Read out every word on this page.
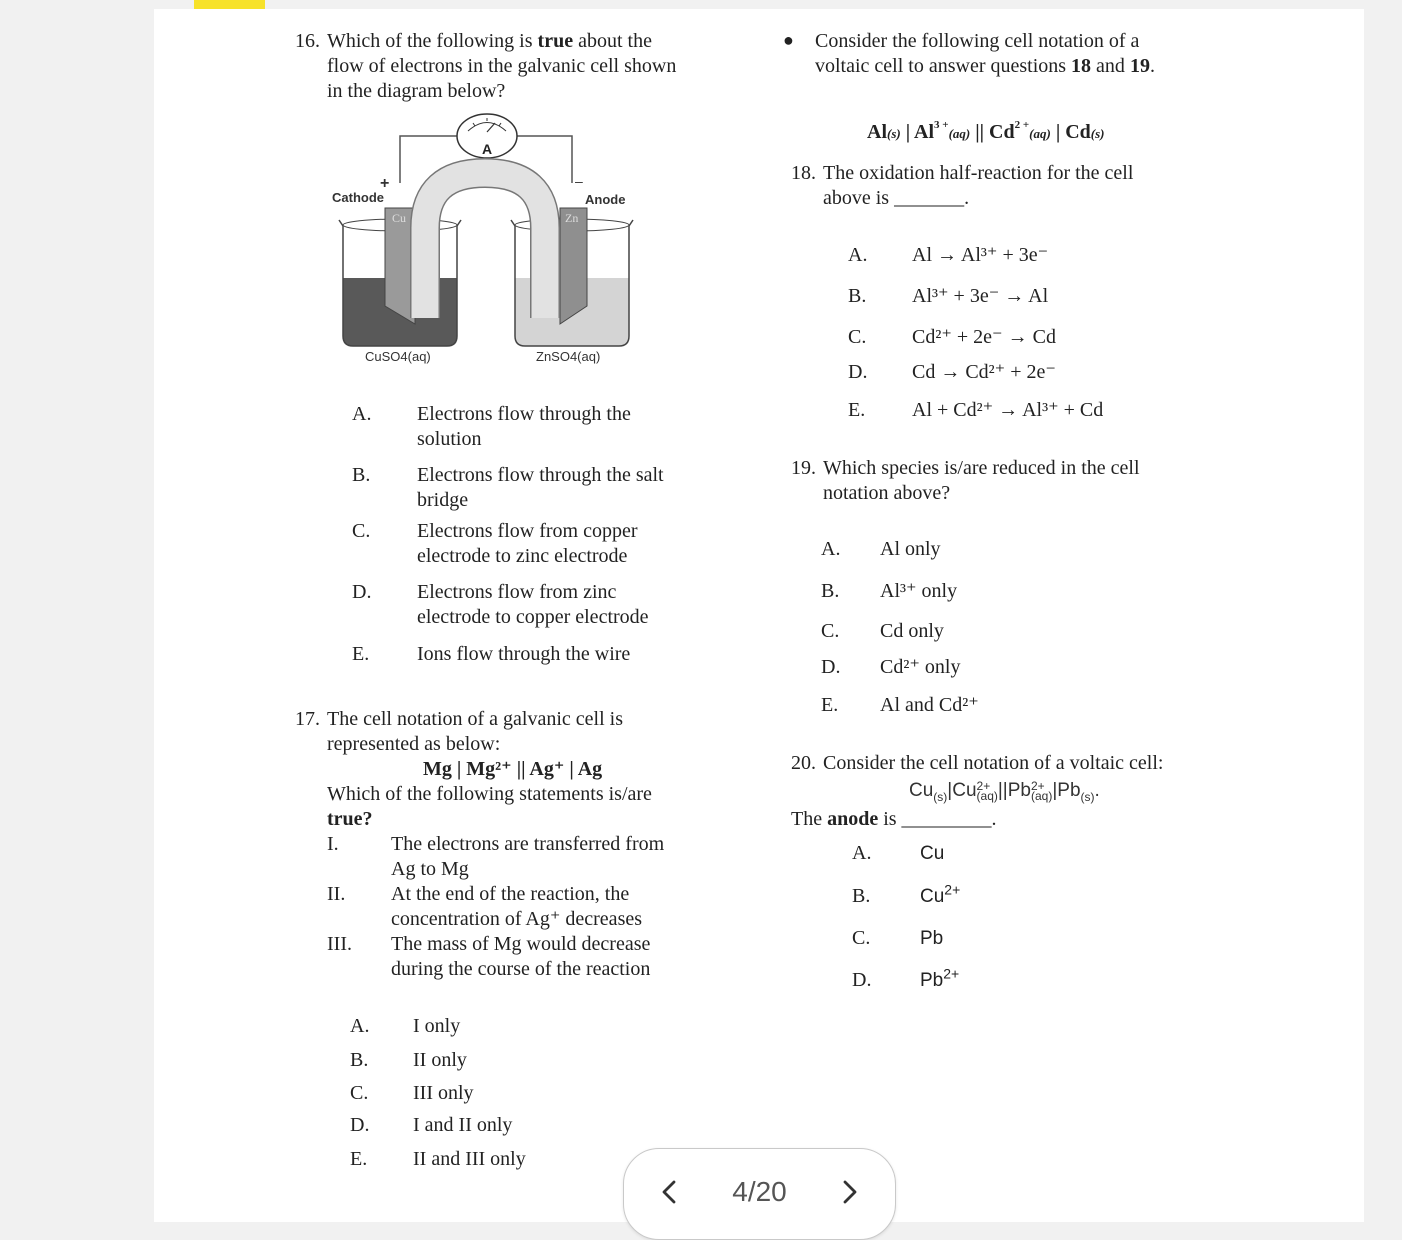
16. Which of the following is true about the
flow of electrons in the galvanic cell shown
in the diagram below?
A
Cathode	Anode
+	–
Cu	Zn
CuSO4(aq)	ZnSO4(aq)
A. Electrons flow through the
solution
B. Electrons flow through the salt
bridge
C. Electrons flow from copper
electrode to zinc electrode
D. Electrons flow from zinc
electrode to copper electrode
E. Ions flow through the wire
17. The cell notation of a galvanic cell is
represented as below:
Mg | Mg²⁺ || Ag⁺ | Ag
Which of the following statements is/are
true?
I.	The electrons are transferred from
Ag to Mg
II. At the end of the reaction, the
concentration of Ag⁺ decreases
III. The mass of Mg would decrease
during the course of the reaction
A. I only
B. II only
C. III only
D. I and II only
E. II and III only
● Consider the following cell notation of a
voltaic cell to answer questions 18 and 19.
Al(s) | $Al^{3 +}(aq)$ || $Cd^{2 +}(aq)$ | Cd(s)
18. The oxidation half-reaction for the cell
above is _______.
A. Al → Al³⁺ + 3e⁻
B. Al³⁺ + 3e⁻ → Al
C. Cd²⁺ + 2e⁻ → Cd
D. Cd → Cd²⁺ + 2e⁻
E. Al + Cd²⁺ → Al³⁺ + Cd
19. Which species is/are reduced in the cell
notation above?
A. Al only
B. Al³⁺ only
C. Cd only
D. Cd²⁺ only
E. Al and Cd²⁺
20. Consider the cell notation of a voltaic cell:
$Cu_{(s)}|Cu$ 2+
(aq) ||Pb 2+
(aq) $|Pb_{(s)}$.
The anode is _________.
A.	Cu
B.	$Cu^{2+}$
C.	Pb
D.	$Pb^{2+}$
4/20
